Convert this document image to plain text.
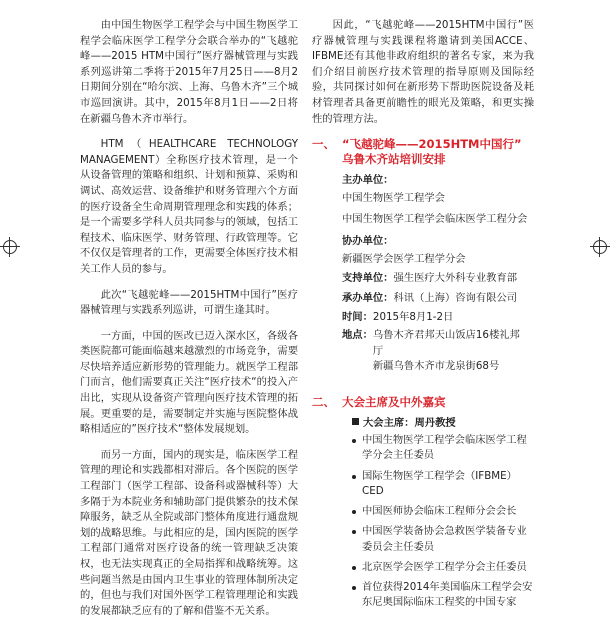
由中国生物医学工程学会与中国生物医学工程学会临床医学工程学分会联合举办的“飞越驼峰——2015 HTM中国行”医疗器械管理与实践系列巡讲第二季将于2015年7月25日——8月2日期间分别在“哈尔滨、上海、乌鲁木齐”三个城市巡回演讲。其中，2015年8月1日——2日将在新疆乌鲁木齐市举行。

HTM（HEALTHCARE TECHNOLOGY MANAGEMENT）全称医疗技术管理，是一个从设备管理的策略和组织、计划和预算、采购和调试、高效运营、设备维护和财务管理六个方面的医疗设备全生命周期管理理念和实践的体系；是一个需要多学科人员共同参与的领域，包括工程技术、临床医学、财务管理、行政管理等。它不仅仅是管理者的工作，更需要全体医疗技术相关工作人员的参与。

此次“飞越驼峰——2015HTM中国行”医疗器械管理与实践系列巡讲，可谓生逢其时。

一方面，中国的医改已迈入深水区，各级各类医院都可能面临越来越激烈的市场竞争，需要尽快培养适应新形势的管理能力。就医学工程部门而言，他们需要真正关注“医疗技术“的投入产出比，实现从设备资产管理向医疗技术管理的拓展。更重要的是，需要制定并实施与医院整体战略相适应的”医疗技术“整体发展规划。

而另一方面，国内的现实是，临床医学工程管理的理论和实践都相对滞后。各个医院的医学工程部门（医学工程部、设备科或器械科等）大多隔于为本院业务和辅助部门提供繁杂的技术保障服务，缺乏从全院或部门整体角度进行通盘规划的战略思维。与此相应的是，国内医院的医学工程部门通常对医疗设备的统一管理缺乏决策权，也无法实现真正的全局指挥和战略统筹。这些问题当然是由国内卫生事业的管理体制所决定的，但也与我们对国外医学工程管理理论和实践的发展都缺乏应有的了解和借鉴不无关系。

因此，“飞越驼峰——2015HTM中国行”医疗器械管理与实践课程将邀请到美国ACCE、IFBME还有其他非政府组织的著名专家，来为我们介绍目前医疗技术管理的指导原则及国际经验，共同探讨如何在新形势下帮助医院设备及耗材管理者具备更前瞻性的眼光及策略，和更实操性的管理方法。

一、 “飞越驼峰——2015HTM中国行”
乌鲁木齐站培训安排
主办单位：
中国生物医学工程学会
中国生物医学工程学会临床医学工程分会
协办单位：
新疆医学会医学工程学分会
支持单位：强生医疗大外科专业教育部
承办单位：科讯（上海）咨询有限公司
时间：2015年8月1-2日
地点：乌鲁木齐君邦天山饭店16楼礼邦厅
新疆乌鲁木齐市龙泉街68号
二、 大会主席及中外嘉宾
大会主席：周丹教授
中国生物医学工程学会临床医学工程学分会主任委员
国际生物医学工程学会（IFBME）CED
中国医师协会临床工程师分会会长
中国医学装备协会急救医学装备专业委员会主任委员
北京医学会医学工程学分会主任委员
首位获得2014年美国临床工程学会安东尼奥国际临床工程奖的中国专家
